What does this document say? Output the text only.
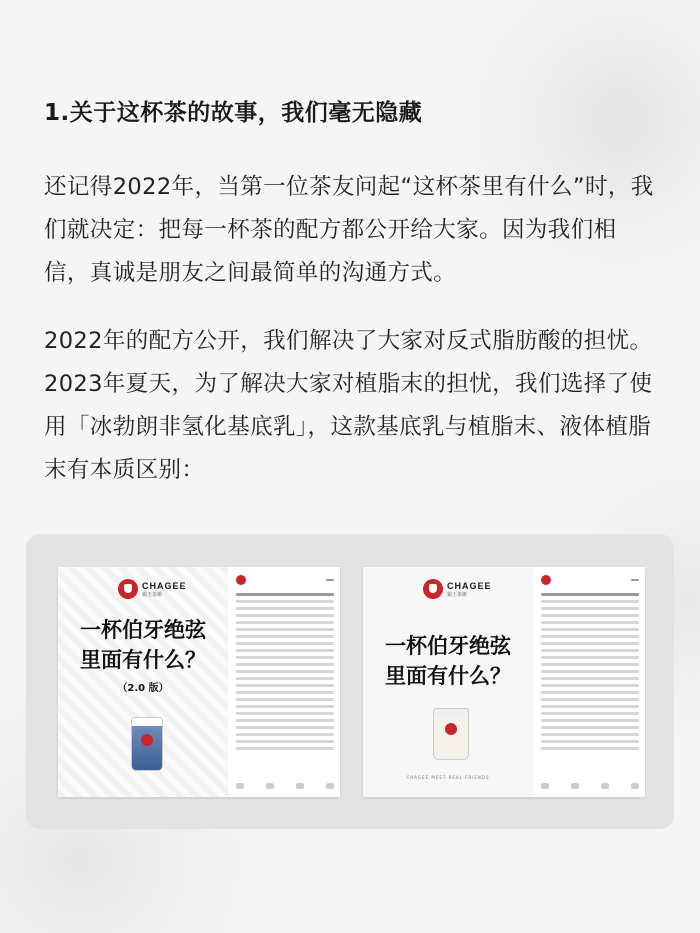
1.关于这杯茶的故事，我们毫无隐藏
还记得2022年，当第一位茶友问起“这杯茶里有什么”时，我们就决定：把每一杯茶的配方都公开给大家。因为我们相信，真诚是朋友之间最简单的沟通方式。
2022年的配方公开，我们解决了大家对反式脂肪酸的担忧。2023年夏天，为了解决大家对植脂末的担忧，我们选择了使用「冰勃朗非氢化基底乳」，这款基底乳与植脂末、液体植脂末有本质区别：
CHAGEE
霸王茶姬
一杯伯牙绝弦
里面有什么？
（2.0 版）
CHAGEE
霸王茶姬
一杯伯牙绝弦
里面有什么？
CHAGEE,MEET REAL FRIENDS
